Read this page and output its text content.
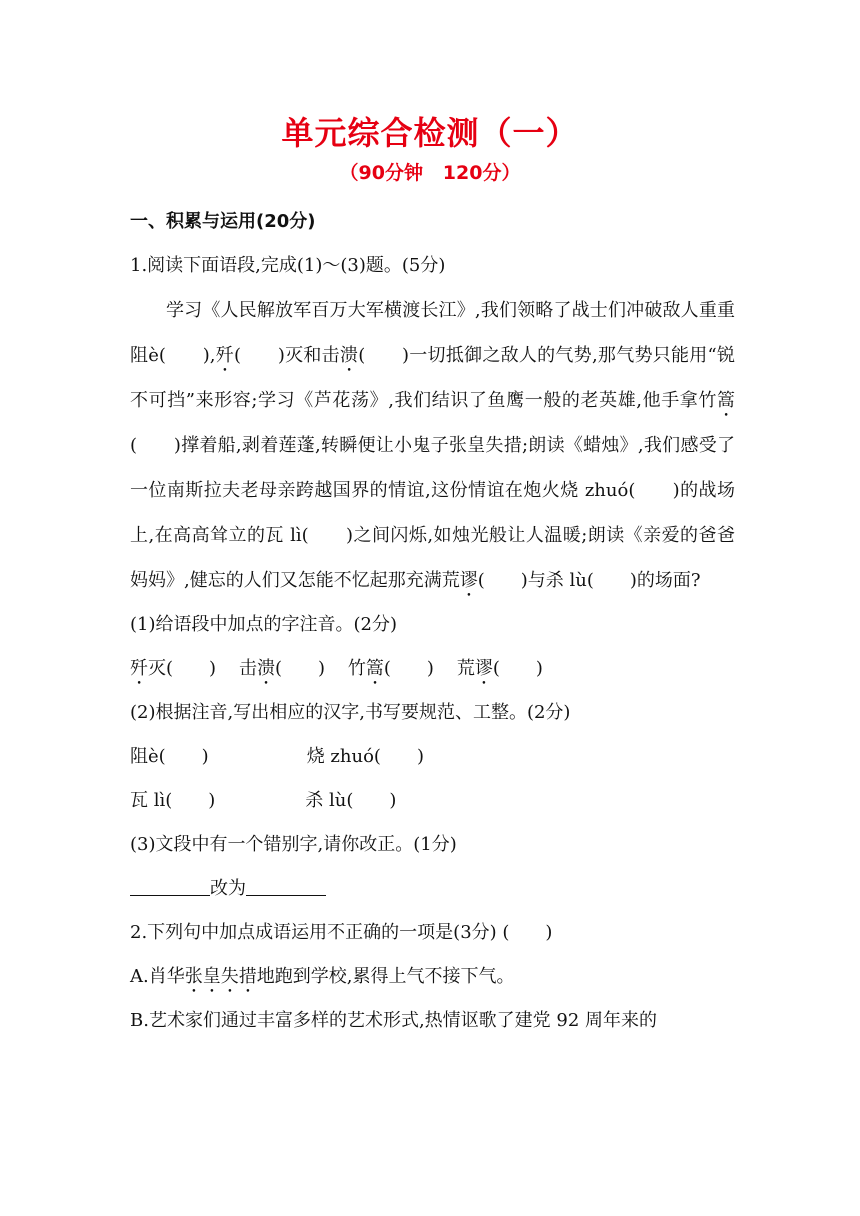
单元综合检测（一）
（90分钟   120分）
一、积累与运用(20分)
1.阅读下面语段,完成(1)～(3)题。(5分)

学习《人民解放军百万大军横渡长江》,我们领略了战士们冲破敌人重重阻è(　　),歼(　　)灭和击溃(　　)一切抵御之敌人的气势,那气势只能用“锐不可挡”来形容;学习《芦花荡》,我们结识了鱼鹰一般的老英雄,他手拿竹篙(　　)撑着船,剥着莲蓬,转瞬便让小鬼子张皇失措;朗读《蜡烛》,我们感受了一位南斯拉夫老母亲跨越国界的情谊,这份情谊在炮火烧 zhuó(　　)的战场上,在高高耸立的瓦 lì(　　)之间闪烁,如烛光般让人温暖;朗读《亲爱的爸爸妈妈》,健忘的人们又怎能不忆起那充满荒谬(　　)与杀 lù(　　)的场面?

(1)给语段中加点的字注音。(2分)
歼灭(　　) 击溃(　　) 竹篙(　　) 荒谬(　　)
(2)根据注音,写出相应的汉字,书写要规范、工整。(2分)
阻è(　　)	烧 zhuó(　　)
瓦 lì(　　)	杀 lù(　　)
(3)文段中有一个错别字,请你改正。(1分)
改为
2.下列句中加点成语运用不正确的一项是(3分) (　　)
A.肖华张皇失措地跑到学校,累得上气不接下气。
B.艺术家们通过丰富多样的艺术形式,热情讴歌了建党 92 周年来的
